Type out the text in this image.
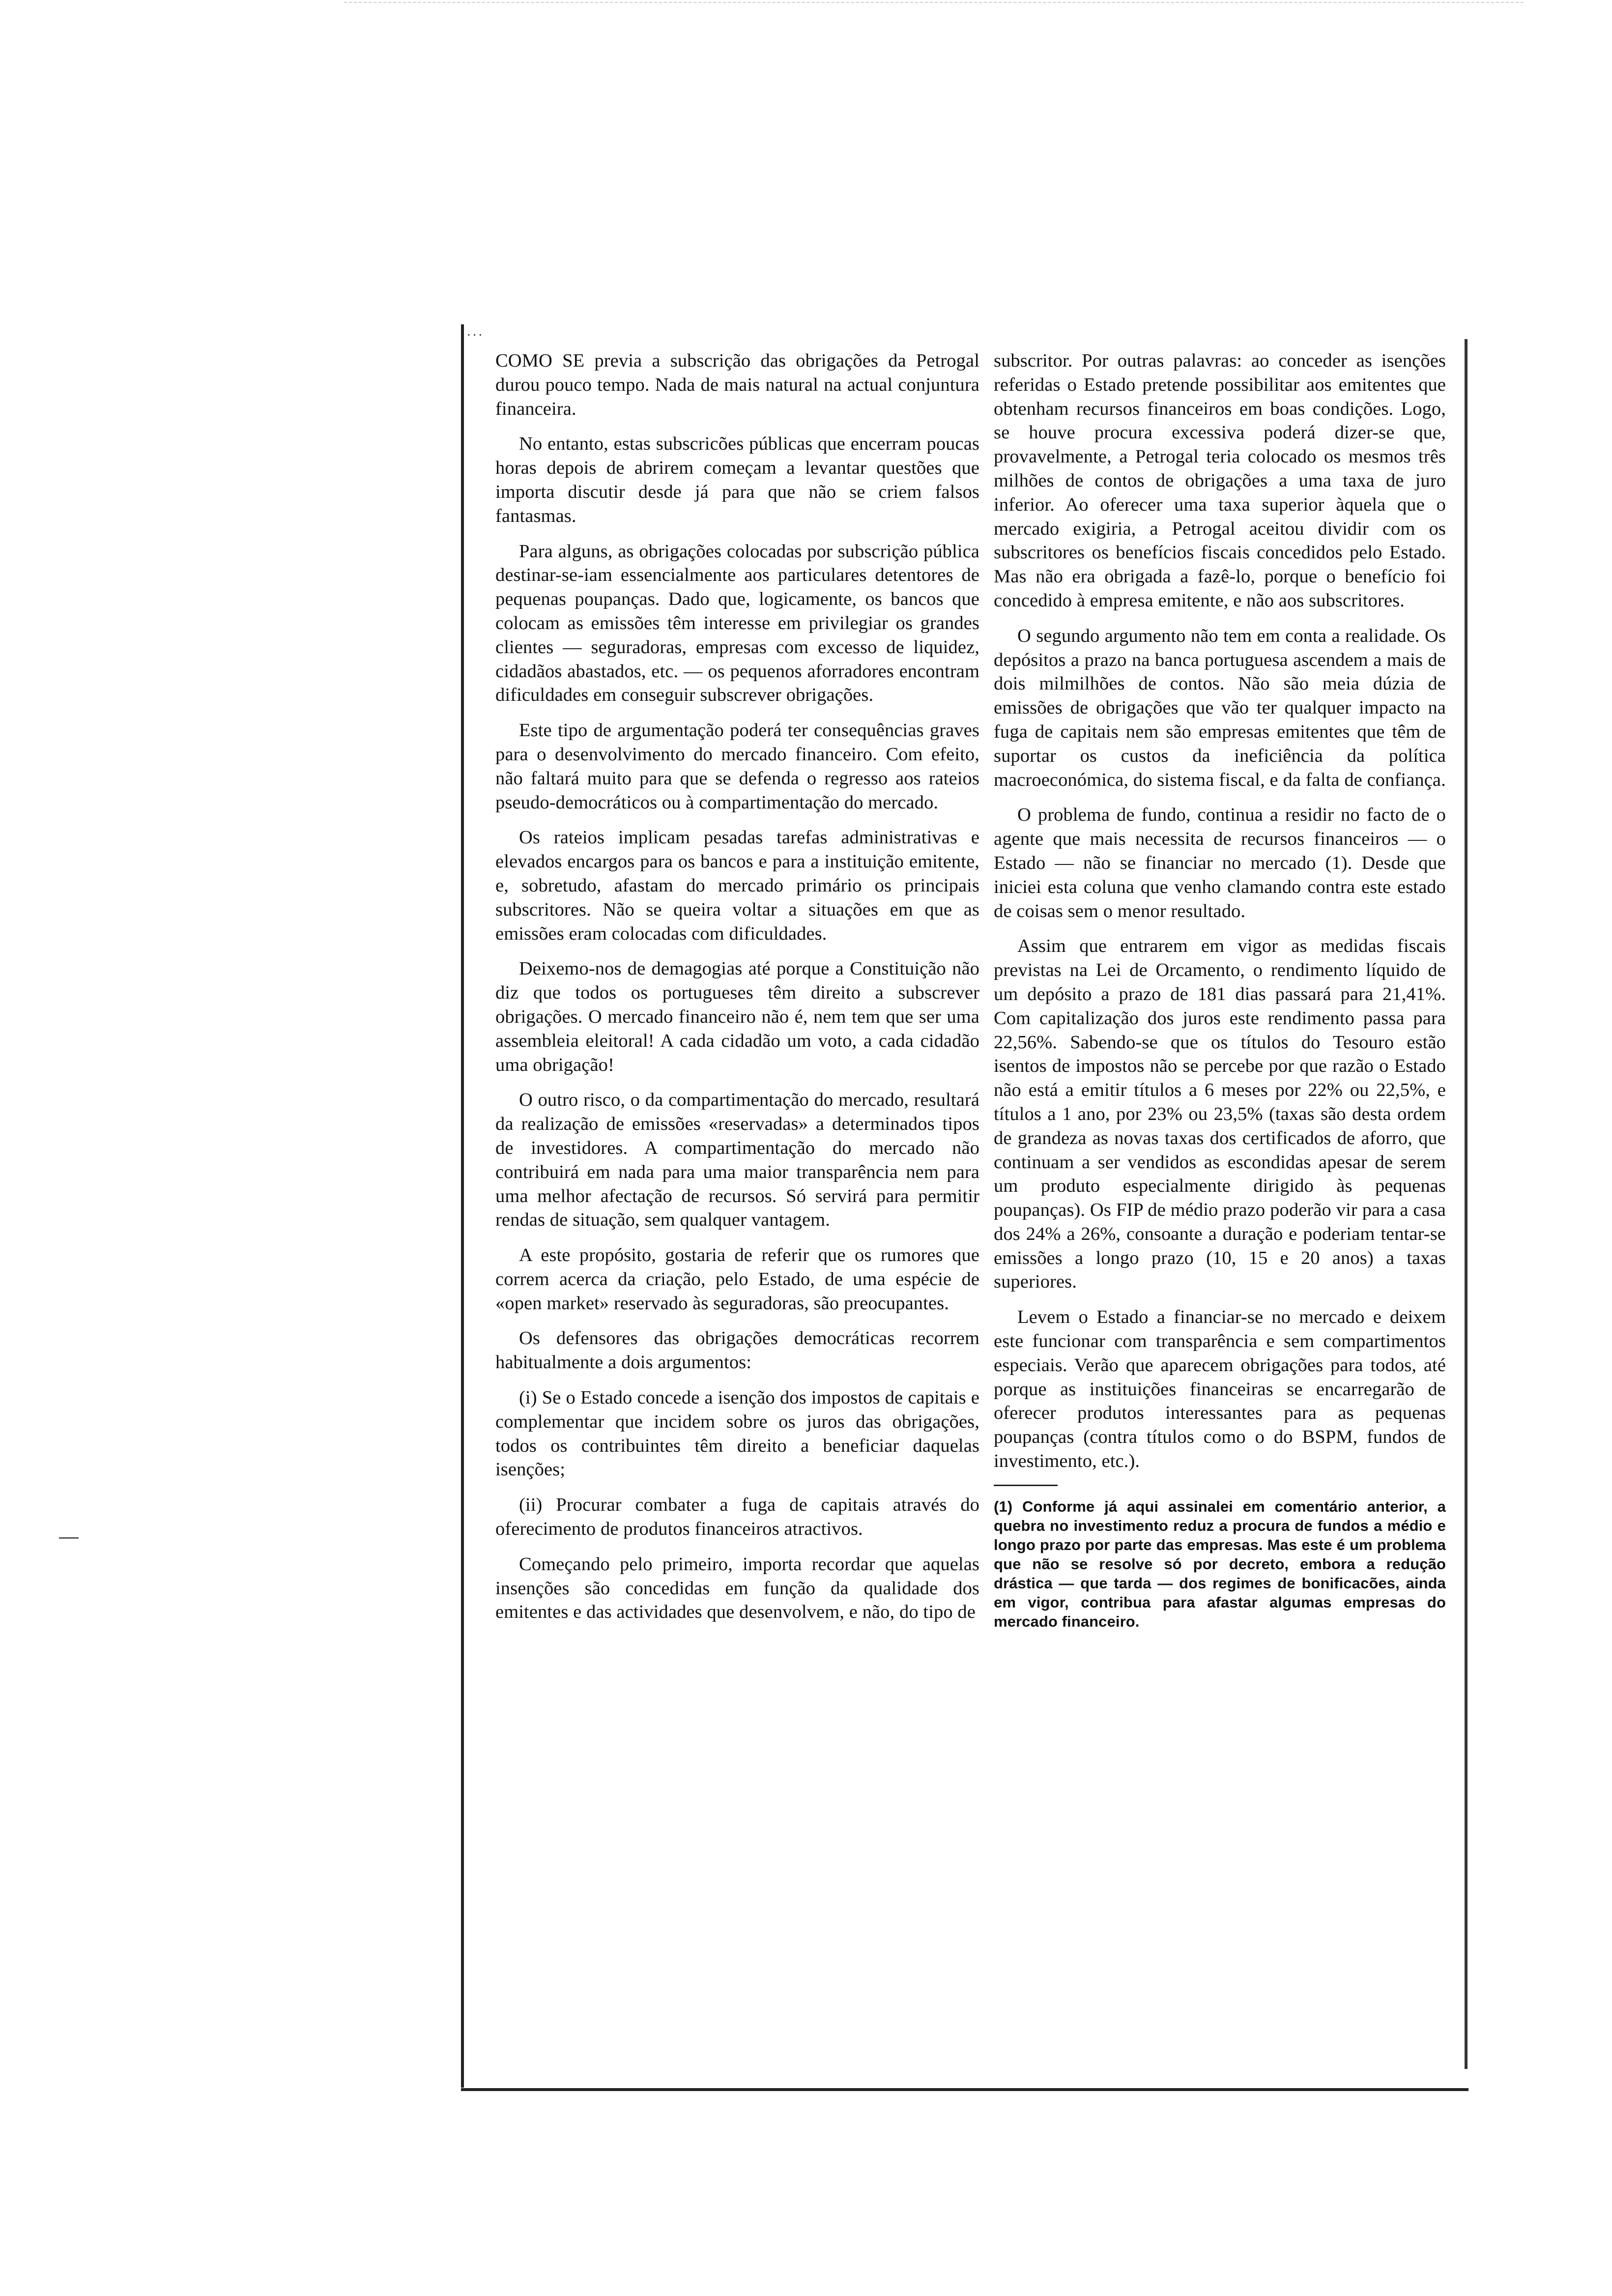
...

COMO SE previa a subscrição das obrigações da Petrogal durou pouco tempo. Nada de mais natural na actual conjuntura financeira.

No entanto, estas subscricões públicas que encerram poucas horas depois de abrirem começam a levantar questões que importa discutir desde já para que não se criem falsos fantasmas.

Para alguns, as obrigações colocadas por subscrição pública destinar-se-iam essencialmente aos particulares detentores de pequenas poupanças. Dado que, logicamente, os bancos que colocam as emissões têm interesse em privilegiar os grandes clientes — seguradoras, empresas com excesso de liquidez, cidadãos abastados, etc. — os pequenos aforradores encontram dificuldades em conseguir subscrever obrigações.

Este tipo de argumentação poderá ter consequências graves para o desenvolvimento do mercado financeiro. Com efeito, não faltará muito para que se defenda o regresso aos rateios pseudo-democráticos ou à compartimentação do mercado.

Os rateios implicam pesadas tarefas administrativas e elevados encargos para os bancos e para a instituição emitente, e, sobretudo, afastam do mercado primário os principais subscritores. Não se queira voltar a situações em que as emissões eram colocadas com dificuldades.

Deixemo-nos de demagogias até porque a Constituição não diz que todos os portugueses têm direito a subscrever obrigações. O mercado financeiro não é, nem tem que ser uma assembleia eleitoral! A cada cidadão um voto, a cada cidadão uma obrigação!

O outro risco, o da compartimentação do mercado, resultará da realização de emissões «reservadas» a determinados tipos de investidores. A compartimentação do mercado não contribuirá em nada para uma maior transparência nem para uma melhor afectação de recursos. Só servirá para permitir rendas de situação, sem qualquer vantagem.

A este propósito, gostaria de referir que os rumores que correm acerca da criação, pelo Estado, de uma espécie de «open market» reservado às seguradoras, são preocupantes.

Os defensores das obrigações democráticas recorrem habitualmente a dois argumentos:

(i) Se o Estado concede a isenção dos impostos de capitais e complementar que incidem sobre os juros das obrigações, todos os contribuintes têm direito a beneficiar daquelas isenções;

(ii) Procurar combater a fuga de capitais através do oferecimento de produtos financeiros atractivos.

Começando pelo primeiro, importa recordar que aquelas insenções são concedidas em função da qualidade dos emitentes e das actividades que desenvolvem, e não, do tipo de

subscritor. Por outras palavras: ao conceder as isenções referidas o Estado pretende possibilitar aos emitentes que obtenham recursos financeiros em boas condições. Logo, se houve procura excessiva poderá dizer-se que, provavelmente, a Petrogal teria colocado os mesmos três milhões de contos de obrigações a uma taxa de juro inferior. Ao oferecer uma taxa superior àquela que o mercado exigiria, a Petrogal aceitou dividir com os subscritores os benefícios fiscais concedidos pelo Estado. Mas não era obrigada a fazê-lo, porque o benefício foi concedido à empresa emitente, e não aos subscritores.

O segundo argumento não tem em conta a realidade. Os depósitos a prazo na banca portuguesa ascendem a mais de dois milmilhões de contos. Não são meia dúzia de emissões de obrigações que vão ter qualquer impacto na fuga de capitais nem são empresas emitentes que têm de suportar os custos da ineficiência da política macroeconómica, do sistema fiscal, e da falta de confiança.

O problema de fundo, continua a residir no facto de o agente que mais necessita de recursos financeiros — o Estado — não se financiar no mercado (1). Desde que iniciei esta coluna que venho clamando contra este estado de coisas sem o menor resultado.

Assim que entrarem em vigor as medidas fiscais previstas na Lei de Orcamento, o rendimento líquido de um depósito a prazo de 181 dias passará para 21,41%. Com capitalização dos juros este rendimento passa para 22,56%. Sabendo-se que os títulos do Tesouro estão isentos de impostos não se percebe por que razão o Estado não está a emitir títulos a 6 meses por 22% ou 22,5%, e títulos a 1 ano, por 23% ou 23,5% (taxas são desta ordem de grandeza as novas taxas dos certificados de aforro, que continuam a ser vendidos as escondidas apesar de serem um produto especialmente dirigido às pequenas poupanças). Os FIP de médio prazo poderão vir para a casa dos 24% a 26%, consoante a duração e poderiam tentar-se emissões a longo prazo (10, 15 e 20 anos) a taxas superiores.

Levem o Estado a financiar-se no mercado e deixem este funcionar com transparência e sem compartimentos especiais. Verão que aparecem obrigações para todos, até porque as instituições financeiras se encarregarão de oferecer produtos interessantes para as pequenas poupanças (contra títulos como o do BSPM, fundos de investimento, etc.).

(1) Conforme já aqui assinalei em comentário anterior, a quebra no investimento reduz a procura de fundos a médio e longo prazo por parte das empresas. Mas este é um problema que não se resolve só por decreto, embora a redução drástica — que tarda — dos regimes de bonificacões, ainda em vigor, contribua para afastar algumas empresas do mercado financeiro.
